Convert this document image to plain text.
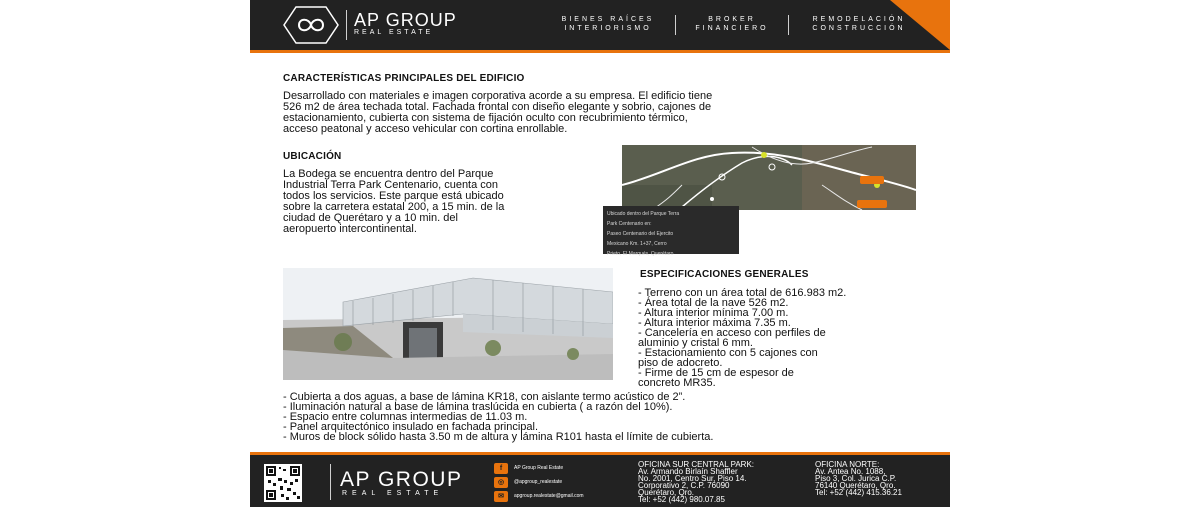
AP GROUP
REAL ESTATE
BIENES RAÍCES
INTERIORISMO
BROKER
FINANCIERO
REMODELACIÓN
CONSTRUCCIÓN
CARACTERÍSTICAS PRINCIPALES DEL EDIFICIO
Desarrollado con materiales e imagen corporativa acorde a su empresa. El edificio tiene
526 m2 de área techada total. Fachada frontal con diseño elegante y sobrio, cajones de
estacionamiento, cubierta con sistema de fijación oculto con recubrimiento térmico,
acceso peatonal y acceso vehicular con cortina enrollable.
UBICACIÓN
La Bodega se encuentra dentro del Parque
Industrial Terra Park Centenario, cuenta con
todos los servicios. Este parque está ubicado
sobre la carretera estatal 200, a 15 min. de la
ciudad de Querétaro y a 10 min. del
aeropuerto intercontinental.
Ubicado dentro del Parque Terra
Park Centenario en:
Paseo Centenario del Ejercito
Mexicano Km. 1+37, Cerro
Prieto, El Marqués, Querétaro
ESPECIFICACIONES GENERALES
- Terreno con un área total de 616.983 m2.
- Área total de la nave 526 m2.
- Altura interior mínima 7.00 m.
- Altura interior máxima 7.35 m.
- Cancelería en acceso con perfiles de
aluminio y cristal 6 mm.
- Estacionamiento con 5 cajones con
piso de adocreto.
- Firme de 15 cm de espesor de
concreto MR35.
- Cubierta a dos aguas, a base de lámina KR18, con aislante termo acústico de 2”.
- Iluminación natural a base de lámina traslúcida en cubierta ( a razón del 10%).
- Espacio entre columnas intermedias de 11.03 m.
- Panel arquitectónico insulado en fachada principal.
- Muros de block sólido hasta 3.50 m de altura y lámina R101 hasta el límite de cubierta.
AP GROUP
REAL ESTATE
f	AP Group Real Estate
◎	@apgroup_realestate
✉	apgroup.realestate@gmail.com
OFICINA SUR CENTRAL PARK:
Av. Armando Birlaín Shaffler
No. 2001, Centro Sur, Piso 14.
Corporativo 2, C.P. 76090
Querétaro, Qro.
Tel: +52 (442) 980.07.85
OFICINA NORTE:
Av. Antea No. 1088,
Piso 3, Col. Jurica C.P.
76140 Querétaro, Qro.
Tel: +52 (442) 415.36.21
